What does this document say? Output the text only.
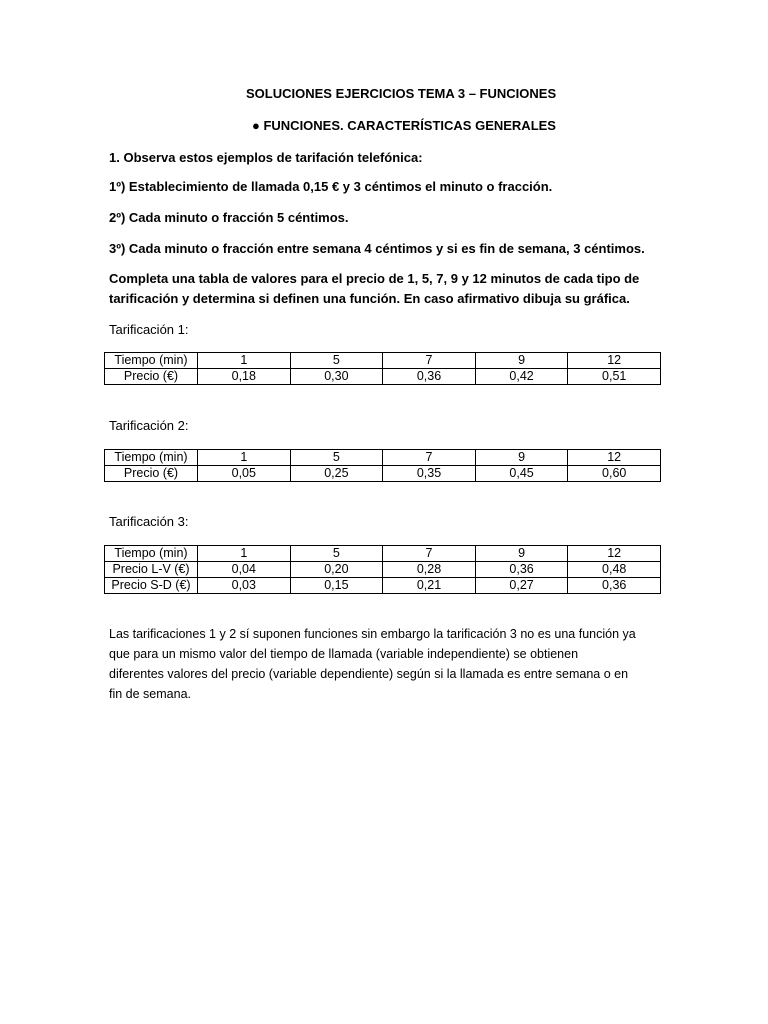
SOLUCIONES EJERCICIOS TEMA 3 – FUNCIONES
● FUNCIONES. CARACTERÍSTICAS GENERALES
1. Observa estos ejemplos de tarifación telefónica:
1º) Establecimiento de llamada 0,15 € y 3 céntimos el minuto o fracción.
2º) Cada minuto o fracción 5 céntimos.
3º) Cada minuto o fracción entre semana 4 céntimos y si es fin de semana, 3 céntimos.
Completa una tabla de valores para el precio de 1, 5, 7, 9 y 12 minutos de cada tipo de
tarificación y determina si definen una función. En caso afirmativo dibuja su gráfica.
Tarificación 1:
Tiempo (min)	1	5	7	9	12
Precio (€)	0,18	0,30	0,36	0,42	0,51
Tarificación 2:
Tiempo (min)	1	5	7	9	12
Precio (€)	0,05	0,25	0,35	0,45	0,60
Tarificación 3:
Tiempo (min)	1	5	7	9	12
Precio L-V (€)	0,04	0,20	0,28	0,36	0,48
Precio S-D (€)	0,03	0,15	0,21	0,27	0,36
Las tarificaciones 1 y 2 sí suponen funciones sin embargo la tarificación 3 no es una función ya
que para un mismo valor del tiempo de llamada (variable independiente) se obtienen
diferentes valores del precio (variable dependiente) según si la llamada es entre semana o en
fin de semana.
